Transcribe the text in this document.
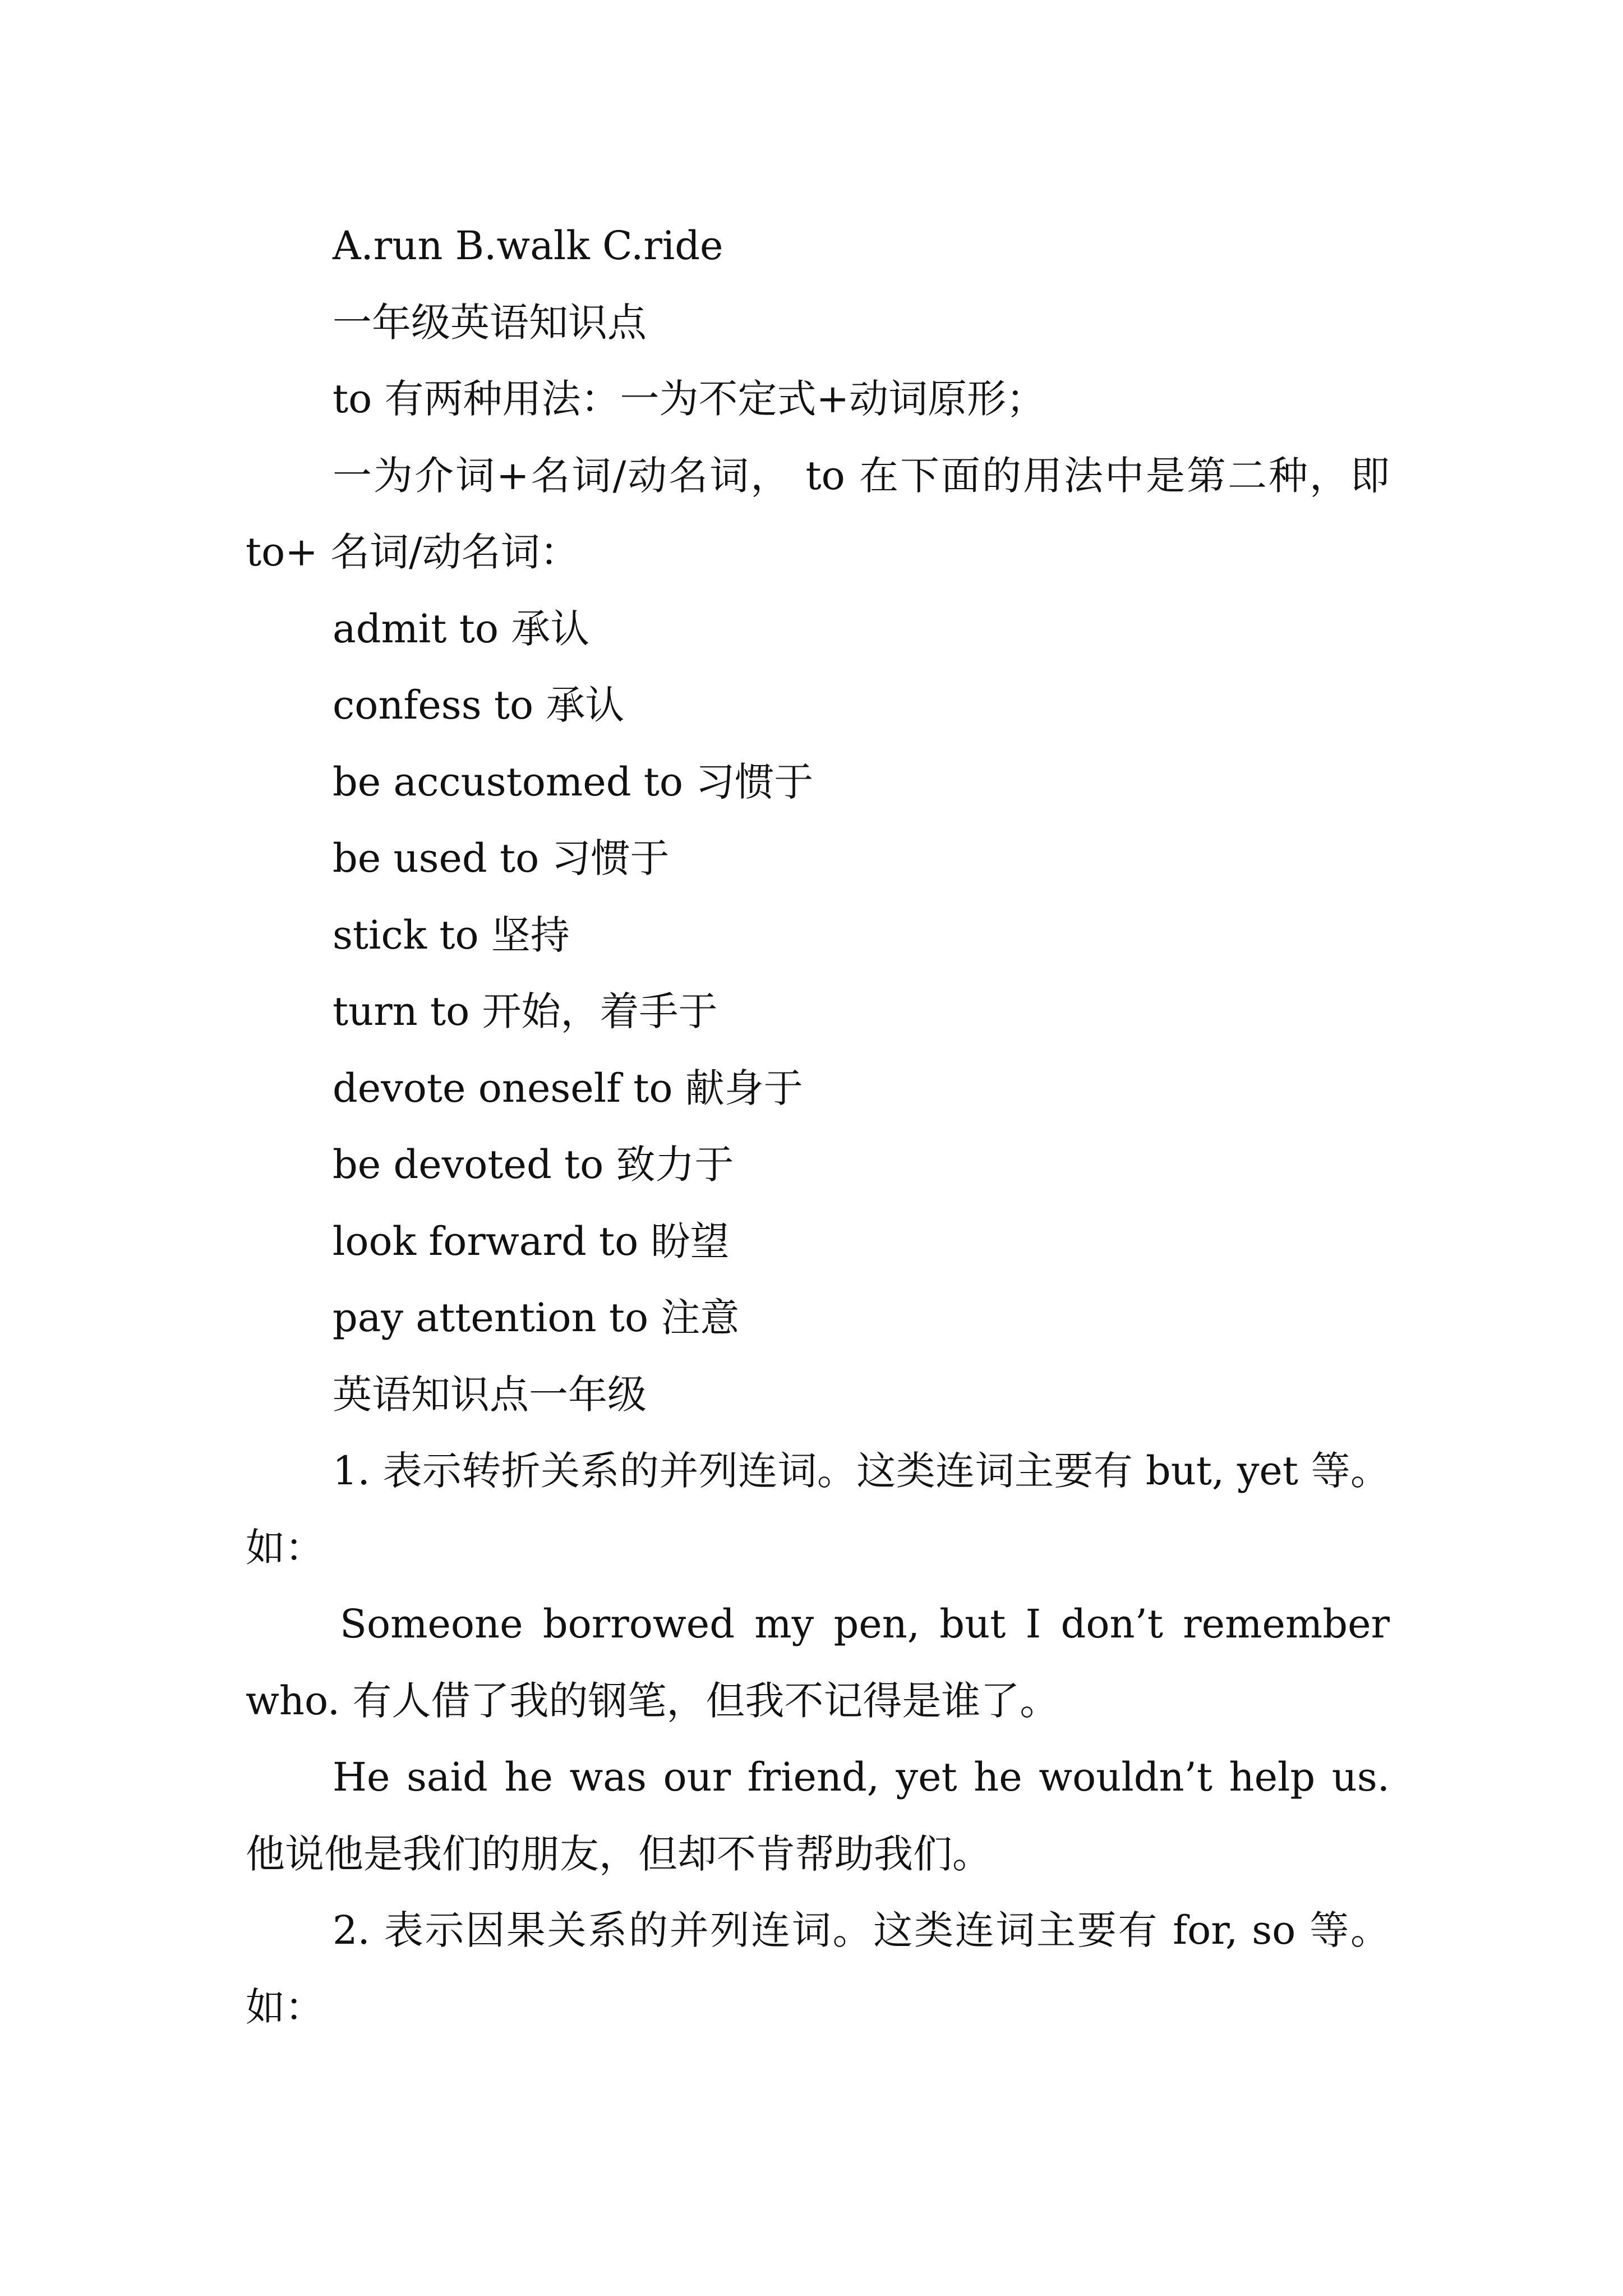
A.run B.walk C.ride

一年级英语知识点

to 有两种用法：一为不定式+动词原形；

一为介词+名词/动名词， to 在下面的用法中是第二种，即 to+ 名词/动名词：

admit to 承认

confess to 承认

be accustomed to 习惯于

be used to 习惯于

stick to 坚持

turn to 开始，着手于

devote oneself to 献身于

be devoted to 致力于

look forward to 盼望

pay attention to 注意

英语知识点一年级

1. 表示转折关系的并列连词。这类连词主要有 but, yet 等。如：

Someone borrowed my pen, but I don’t remember who. 有人借了我的钢笔，但我不记得是谁了。

He said he was our friend, yet he wouldn’t help us. 他说他是我们的朋友，但却不肯帮助我们。

2. 表示因果关系的并列连词。这类连词主要有 for, so 等。如：
